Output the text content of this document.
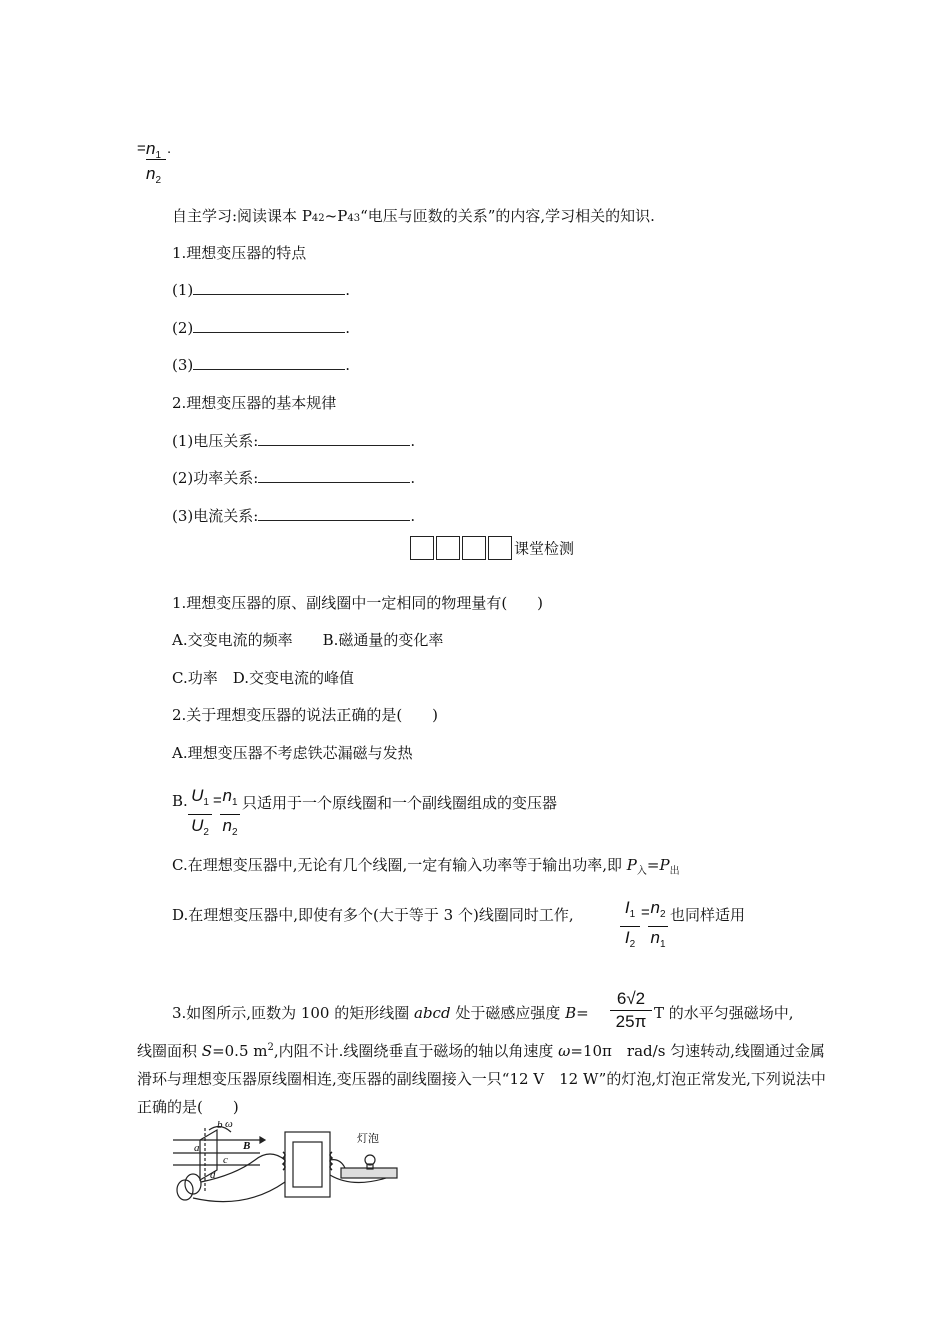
= $n_1$ .
$n_2$
自主学习:阅读课本 P42~P43“电压与匝数的关系”的内容,学习相关的知识.
1.理想变压器的特点
(1)	.
(2)	.
(3)	.
2.理想变压器的基本规律
(1)电压关系:	.
(2)功率关系:	.
(3)电流关系:	.
课堂检测
1.理想变压器的原、副线圈中一定相同的物理量有(　　)
A.交变电流的频率　　B.磁通量的变化率
C.功率　D.交变电流的峰值
2.关于理想变压器的说法正确的是(　　)
A.理想变压器不考虑铁芯漏磁与发热
B. $U_1$
$U_2$
= $n_1$
$n_2$
只适用于一个原线圈和一个副线圈组成的变压器
C.在理想变压器中,无论有几个线圈,一定有输入功率等于输出功率,即 $P_入=P_出$
D.在理想变压器中,即使有多个(大于等于 3 个)线圈同时工作,	$I_1$
$I_2$
= $n_2$
$n_1$
也同样适用
3.如图所示,匝数为 100 的矩形线圈 abcd 处于磁感应强度 B=
6√2
25π T 的水平匀强磁场中,
线圈面积 S=0.5 $m^2$,内阻不计.线圈绕垂直于磁场的轴以角速度 ω=10π　rad/s 匀速转动,线圈通过金属滑环与理想变压器原线圈相连,变压器的副线圈接入一只“12 V　12 W”的灯泡,灯泡正常发光,下列说法中正确的是(　　)
a
b
c
d
ω
B
灯泡
